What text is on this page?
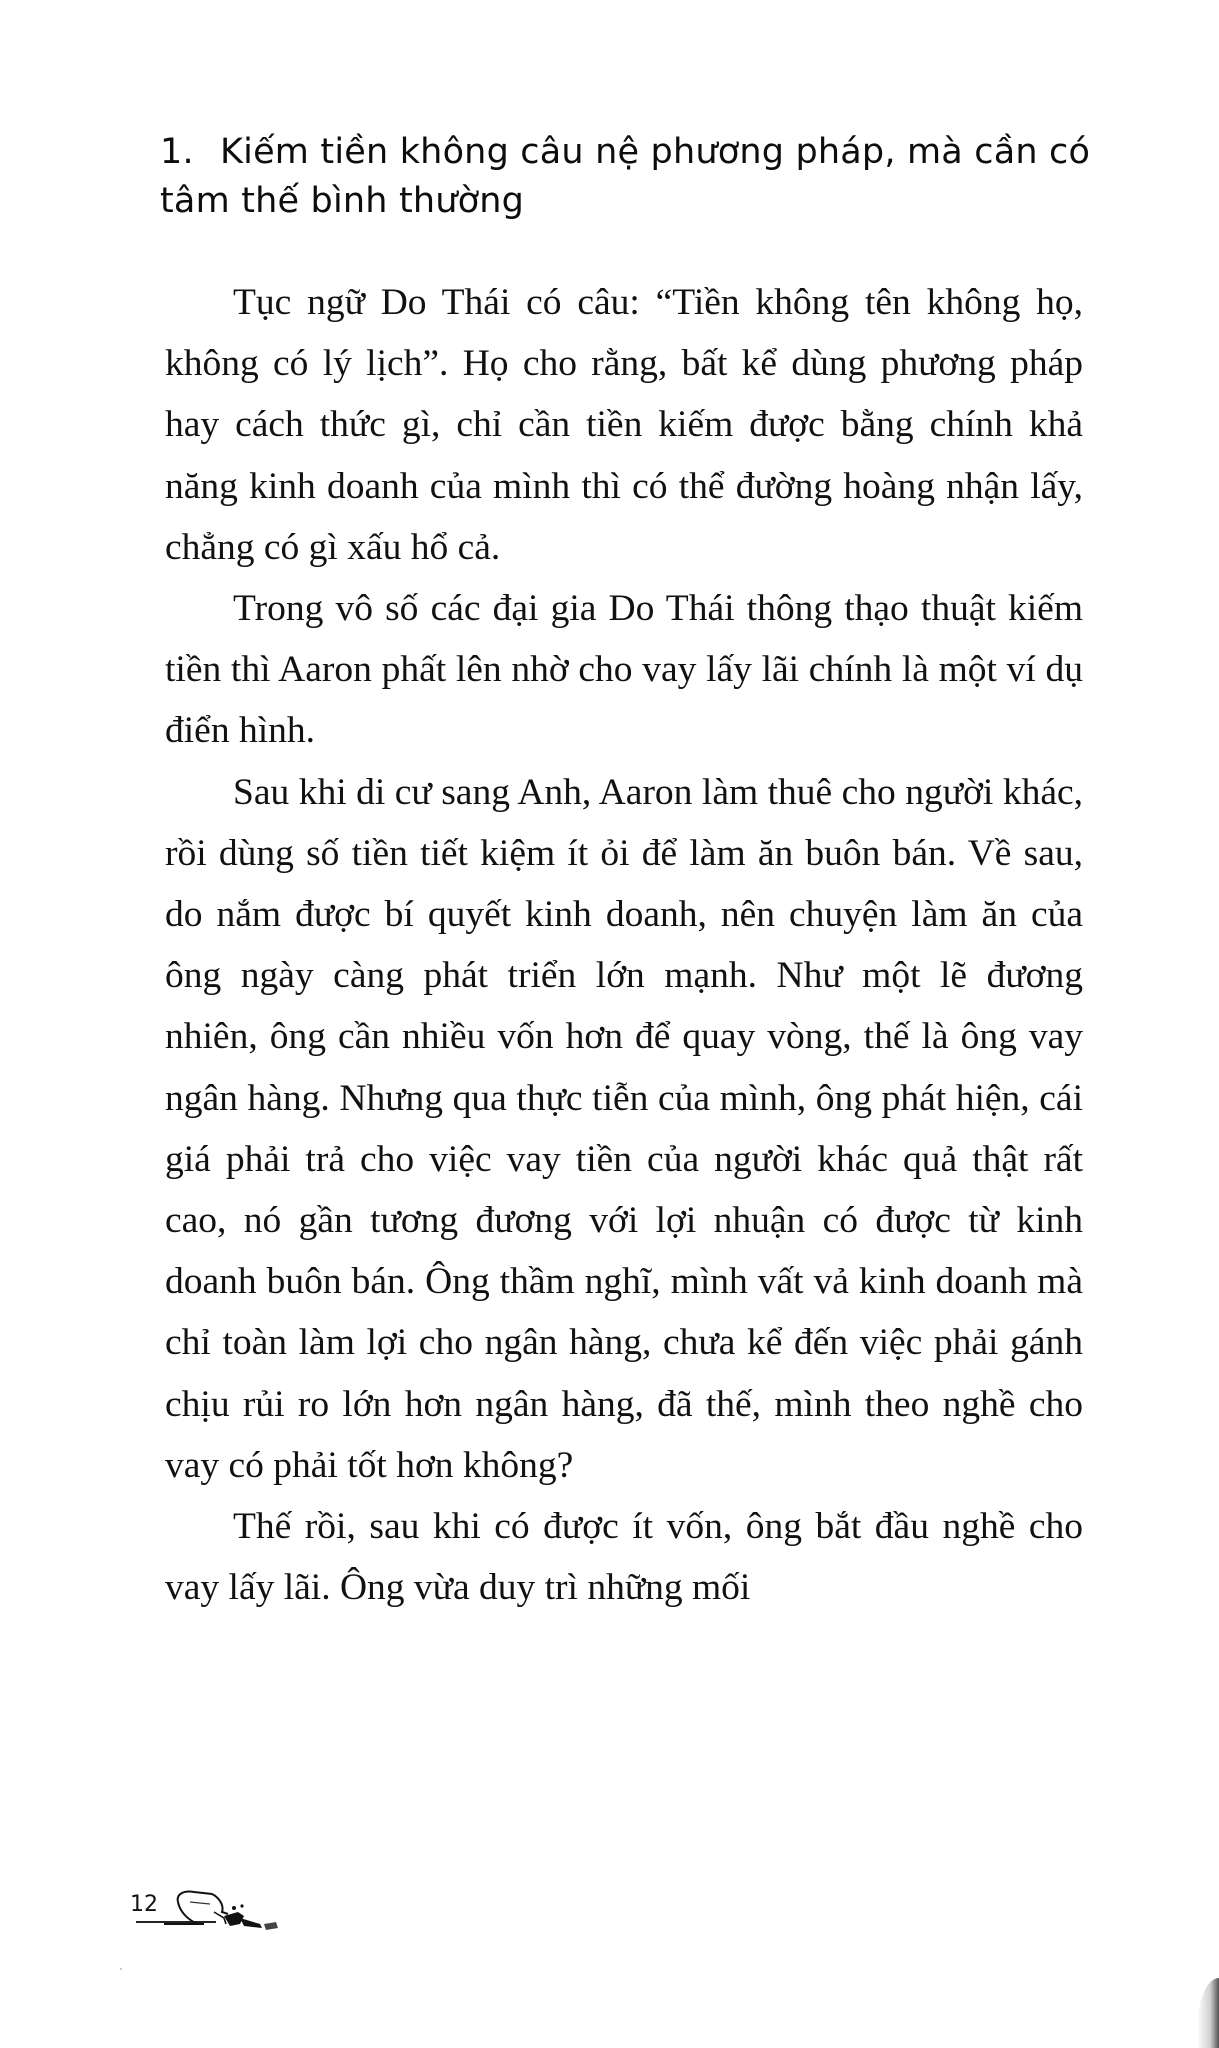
1. Kiếm tiền không câu nệ phương pháp, mà cần có tâm thế bình thường

Tục ngữ Do Thái có câu: “Tiền không tên không họ, không có lý lịch”. Họ cho rằng, bất kể dùng phương pháp hay cách thức gì, chỉ cần tiền kiếm được bằng chính khả năng kinh doanh của mình thì có thể đường hoàng nhận lấy, chẳng có gì xấu hổ cả.

Trong vô số các đại gia Do Thái thông thạo thuật kiếm tiền thì Aaron phất lên nhờ cho vay lấy lãi chính là một ví dụ điển hình.

Sau khi di cư sang Anh, Aaron làm thuê cho người khác, rồi dùng số tiền tiết kiệm ít ỏi để làm ăn buôn bán. Về sau, do nắm được bí quyết kinh doanh, nên chuyện làm ăn của ông ngày càng phát triển lớn mạnh. Như một lẽ đương nhiên, ông cần nhiều vốn hơn để quay vòng, thế là ông vay ngân hàng. Nhưng qua thực tiễn của mình, ông phát hiện, cái giá phải trả cho việc vay tiền của người khác quả thật rất cao, nó gần tương đương với lợi nhuận có được từ kinh doanh buôn bán. Ông thầm nghĩ, mình vất vả kinh doanh mà chỉ toàn làm lợi cho ngân hàng, chưa kể đến việc phải gánh chịu rủi ro lớn hơn ngân hàng, đã thế, mình theo nghề cho vay có phải tốt hơn không?

Thế rồi, sau khi có được ít vốn, ông bắt đầu nghề cho vay lấy lãi. Ông vừa duy trì những mối

12
